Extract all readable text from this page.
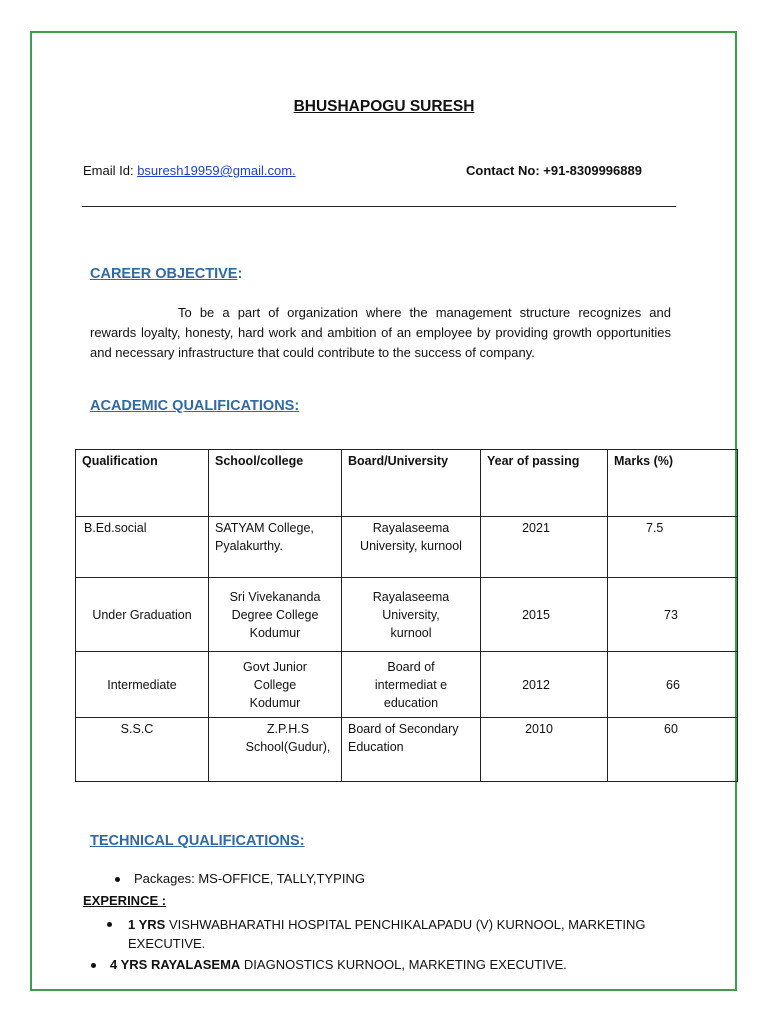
BHUSHAPOGU SURESH
Email Id: bsuresh19959@gmail.com.	Contact No: +91-8309996889
CAREER OBJECTIVE:
To be a part of organization where the management structure recognizes and rewards loyalty, honesty, hard work and ambition of an employee by providing growth opportunities and necessary infrastructure that could contribute to the success of company.
ACADEMIC QUALIFICATIONS:
Qualification	School/college	Board/University	Year of passing	Marks (%)
B.Ed.social	SATYAM College, Pyalakurthy.	Rayalaseema University, kurnool	2021	7.5
Under Graduation	Sri Vivekananda Degree College Kodumur	Rayalaseema University, kurnool	2015	73
Intermediate	Govt Junior College Kodumur	Board of intermediat e education	2012	66
S.S.C	Z.P.H.S School(Gudur),	Board of Secondary Education	2010	60
TECHNICAL QUALIFICATIONS:
Packages: MS-OFFICE, TALLY,TYPING
EXPERINCE :
1 YRS VISHWABHARATHI HOSPITAL PENCHIKALAPADU (V) KURNOOL, MARKETING EXECUTIVE.
4 YRS RAYALASEMA DIAGNOSTICS KURNOOL, MARKETING EXECUTIVE.
